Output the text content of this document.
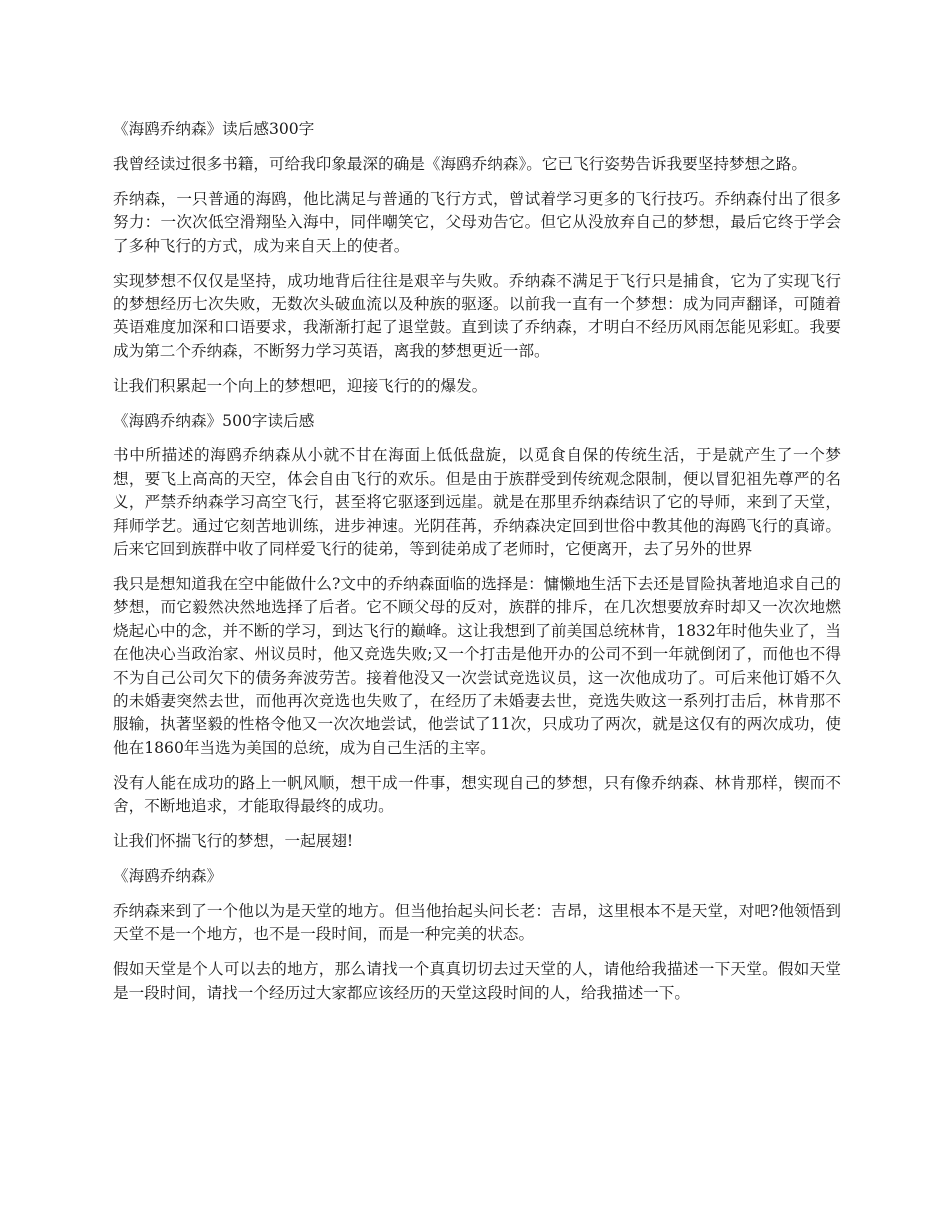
《海鸥乔纳森》读后感300字

我曾经读过很多书籍，可给我印象最深的确是《海鸥乔纳森》。它已飞行姿势告诉我要坚持梦想之路。

乔纳森，一只普通的海鸥，他比满足与普通的飞行方式，曾试着学习更多的飞行技巧。乔纳森付出了很多努力：一次次低空滑翔坠入海中，同伴嘲笑它，父母劝告它。但它从没放弃自己的梦想，最后它终于学会了多种飞行的方式，成为来自天上的使者。

实现梦想不仅仅是坚持，成功地背后往往是艰辛与失败。乔纳森不满足于飞行只是捕食，它为了实现飞行的梦想经历七次失败，无数次头破血流以及种族的驱逐。以前我一直有一个梦想：成为同声翻译，可随着英语难度加深和口语要求，我渐渐打起了退堂鼓。直到读了乔纳森，才明白不经历风雨怎能见彩虹。我要成为第二个乔纳森，不断努力学习英语，离我的梦想更近一部。

让我们积累起一个向上的梦想吧，迎接飞行的的爆发。

《海鸥乔纳森》500字读后感

书中所描述的海鸥乔纳森从小就不甘在海面上低低盘旋，以觅食自保的传统生活，于是就产生了一个梦想，要飞上高高的天空，体会自由飞行的欢乐。但是由于族群受到传统观念限制，便以冒犯祖先尊严的名义，严禁乔纳森学习高空飞行，甚至将它驱逐到远崖。就是在那里乔纳森结识了它的导师，来到了天堂，拜师学艺。通过它刻苦地训练，进步神速。光阴荏苒，乔纳森决定回到世俗中教其他的海鸥飞行的真谛。后来它回到族群中收了同样爱飞行的徒弟，等到徒弟成了老师时，它便离开，去了另外的世界

我只是想知道我在空中能做什么?文中的乔纳森面临的选择是：慵懒地生活下去还是冒险执著地追求自己的梦想，而它毅然决然地选择了后者。它不顾父母的反对，族群的排斥，在几次想要放弃时却又一次次地燃烧起心中的念，并不断的学习，到达飞行的巅峰。这让我想到了前美国总统林肯，1832年时他失业了，当在他决心当政治家、州议员时，他又竞选失败;又一个打击是他开办的公司不到一年就倒闭了，而他也不得不为自己公司欠下的债务奔波劳苦。接着他没又一次尝试竞选议员，这一次他成功了。可后来他订婚不久的未婚妻突然去世，而他再次竞选也失败了，在经历了未婚妻去世，竞选失败这一系列打击后，林肯那不服输，执著坚毅的性格令他又一次次地尝试，他尝试了11次，只成功了两次，就是这仅有的两次成功，使他在1860年当选为美国的总统，成为自己生活的主宰。

没有人能在成功的路上一帆风顺，想干成一件事，想实现自己的梦想，只有像乔纳森、林肯那样，锲而不舍，不断地追求，才能取得最终的成功。

让我们怀揣飞行的梦想，一起展翅!

《海鸥乔纳森》

乔纳森来到了一个他以为是天堂的地方。但当他抬起头问长老：吉昂，这里根本不是天堂，对吧?他领悟到天堂不是一个地方，也不是一段时间，而是一种完美的状态。

假如天堂是个人可以去的地方，那么请找一个真真切切去过天堂的人，请他给我描述一下天堂。假如天堂是一段时间，请找一个经历过大家都应该经历的天堂这段时间的人，给我描述一下。
